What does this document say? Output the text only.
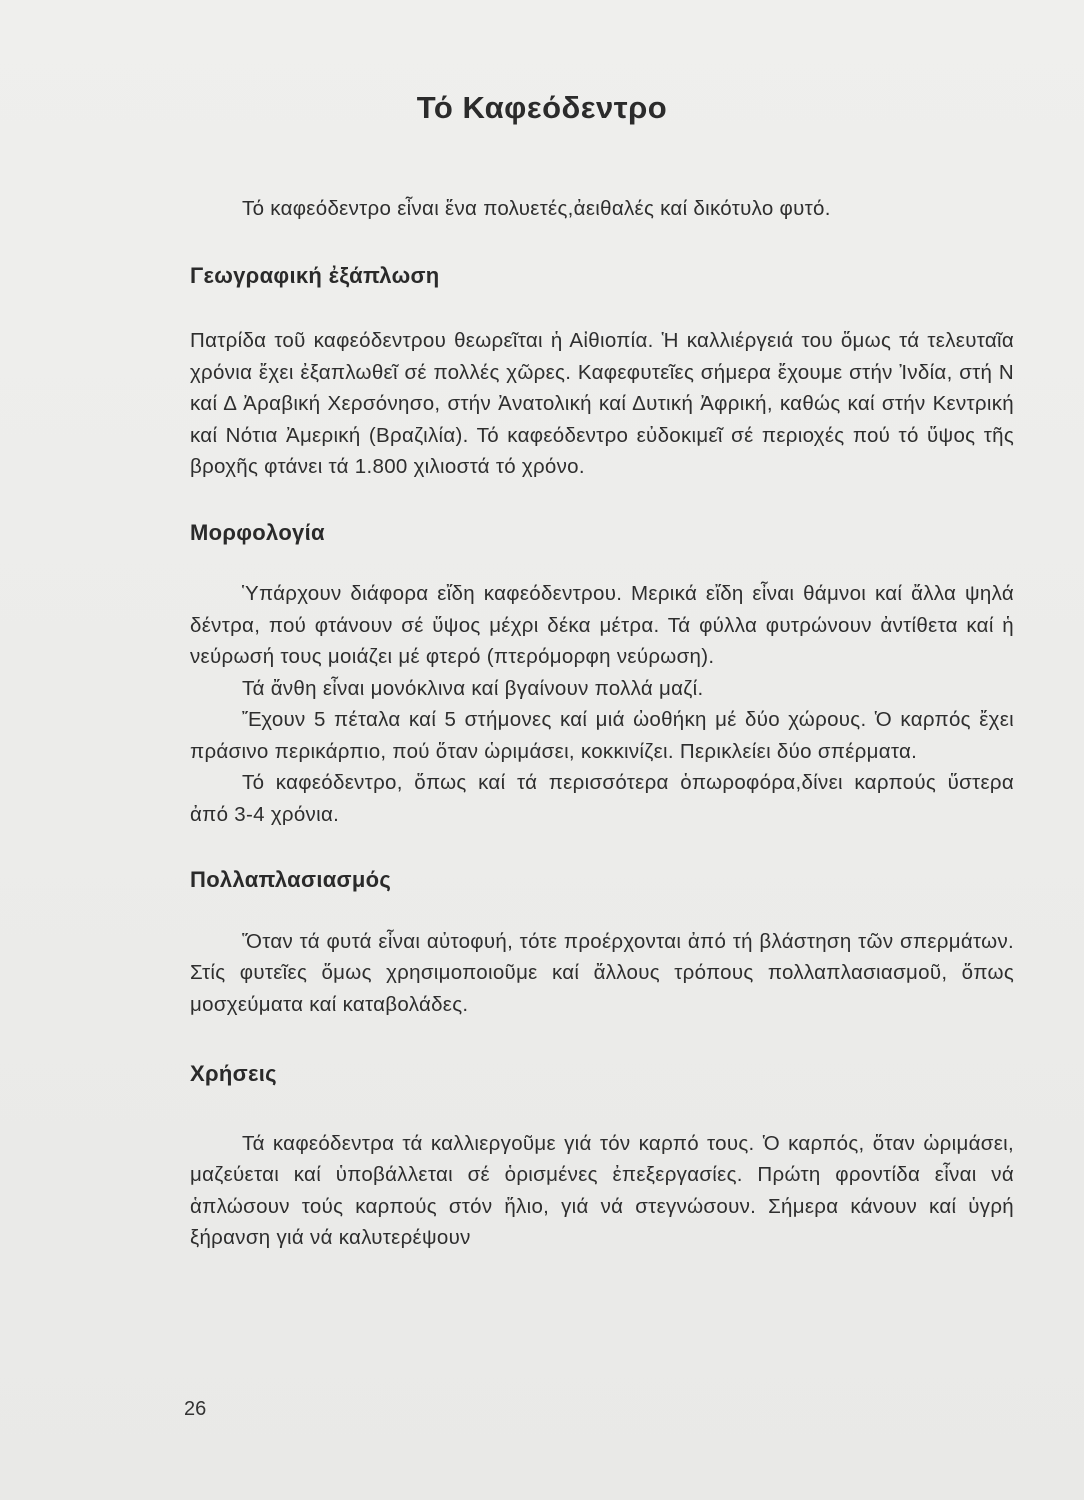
Τό Καφεόδεντρο

Τό καφεόδεντρο εἶναι ἕνα πολυετές,ἀειθαλές καί δικότυλο φυτό.

Γεωγραφική ἐξάπλωση

Πατρίδα τοῦ καφεόδεντρου θεωρεῖται ἡ Αἰθιοπία. Ἡ καλλιέργειά του ὅμως τά τελευταῖα χρόνια ἔχει ἐξαπλωθεῖ σέ πολλές χῶρες. Καφεφυτεῖες σήμερα ἔχουμε στήν Ἰνδία, στή Ν καί Δ Ἀραβική Χερσόνησο, στήν Ἀνατολική καί Δυτική Ἀφρική, καθώς καί στήν Κεντρική καί Νότια Ἀμερική (Βραζιλία). Τό καφεόδεντρο εὐδοκιμεῖ σέ περιοχές πού τό ὕψος τῆς βροχῆς φτάνει τά 1.800 χιλιοστά τό χρόνο.

Μορφολογία

Ὑπάρχουν διάφορα εἴδη καφεόδεντρου. Μερικά εἴδη εἶναι θάμνοι καί ἄλλα ψηλά δέντρα, πού φτάνουν σέ ὕψος μέχρι δέκα μέτρα. Τά φύλλα φυτρώνουν ἀντίθετα καί ἡ νεύρωσή τους μοιάζει μέ φτερό (πτερόμορφη νεύρωση).

Τά ἄνθη εἶναι μονόκλινα καί βγαίνουν πολλά μαζί.

Ἔχουν 5 πέταλα καί 5 στήμονες καί μιά ὠοθήκη μέ δύο χώρους. Ὁ καρπός ἔχει πράσινο περικάρπιο, πού ὅταν ὡριμάσει, κοκκινίζει. Περικλείει δύο σπέρματα.

Τό καφεόδεντρο, ὅπως καί τά περισσότερα ὁπωροφόρα,δίνει καρπούς ὕστερα ἀπό 3-4 χρόνια.

Πολλαπλασιασμός

Ὅταν τά φυτά εἶναι αὐτοφυή, τότε προέρχονται ἀπό τή βλάστηση τῶν σπερμάτων. Στίς φυτεῖες ὅμως χρησιμοποιοῦμε καί ἄλλους τρόπους πολλαπλασιασμοῦ, ὅπως μοσχεύματα καί καταβολάδες.

Χρήσεις

Τά καφεόδεντρα τά καλλιεργοῦμε γιά τόν καρπό τους. Ὁ καρπός, ὅταν ὡριμάσει, μαζεύεται καί ὑποβάλλεται σέ ὁρισμένες ἐπεξεργασίες. Πρώτη φροντίδα εἶναι νά ἁπλώσουν τούς καρπούς στόν ἥλιο, γιά νά στεγνώσουν. Σήμερα κάνουν καί ὑγρή ξήρανση γιά νά καλυτερέψουν

26
